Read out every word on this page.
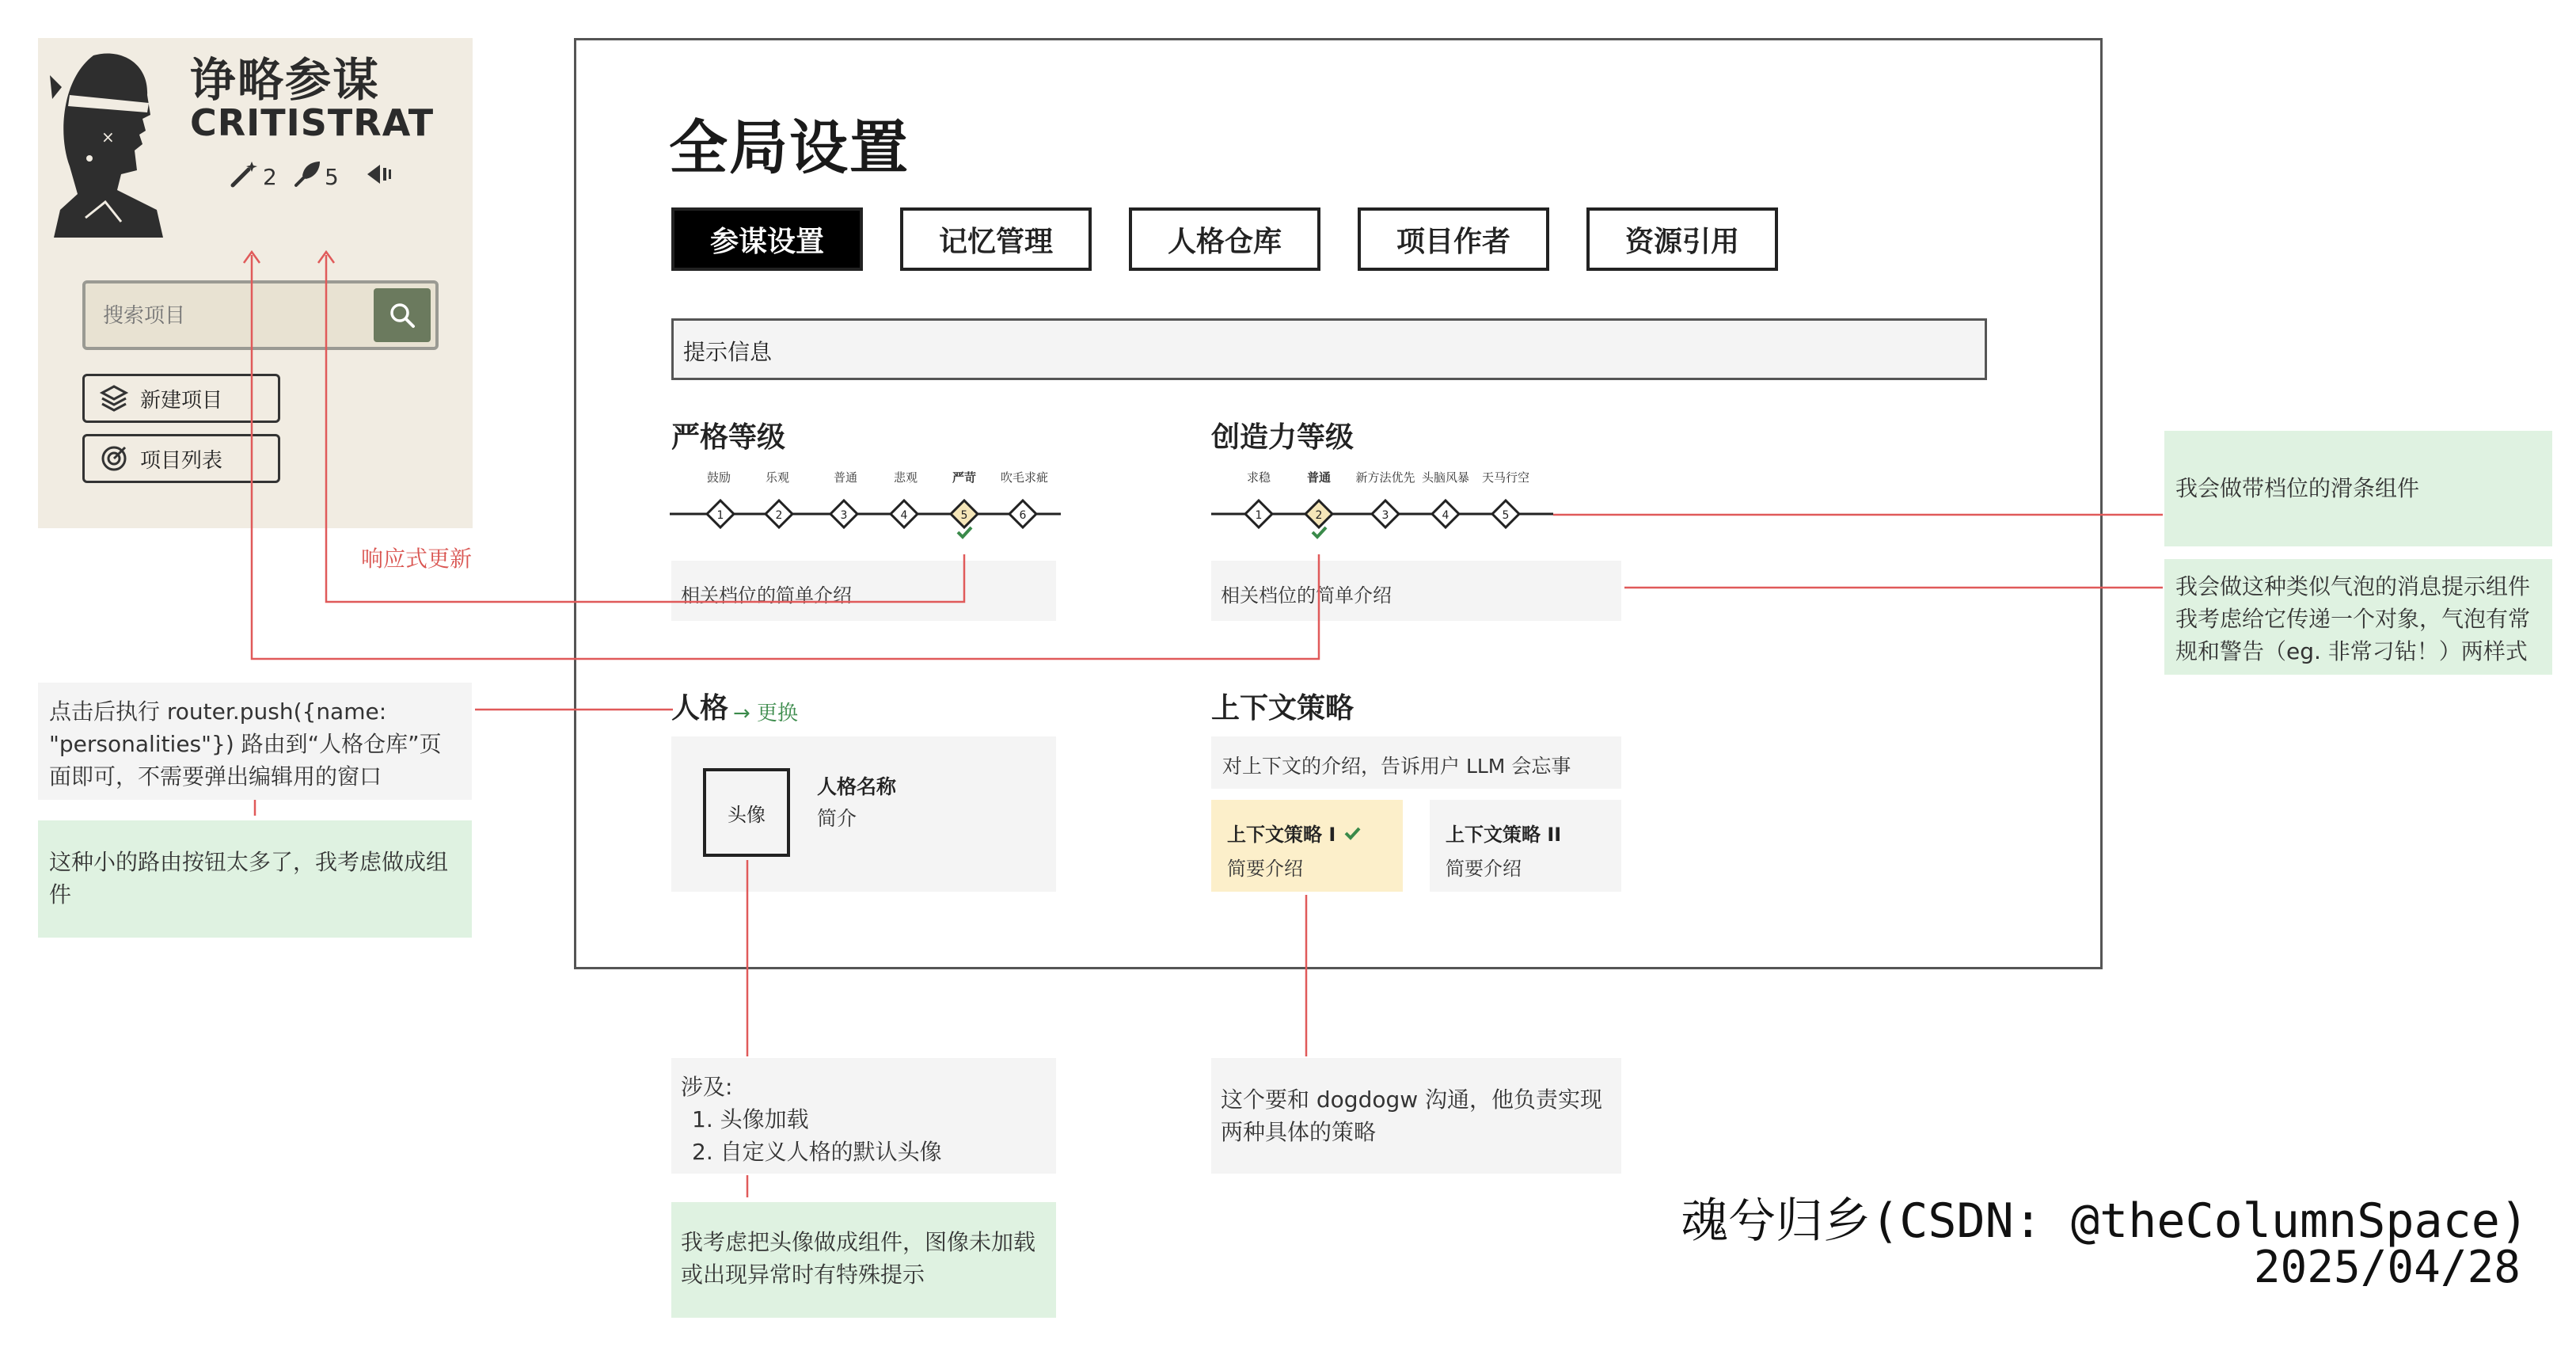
×
诤略参谋
CRITISTRAT
2 5
搜索项目
新建项目
项目列表
全局设置
参谋设置	记忆管理	人格仓库	项目作者	资源引用
提示信息
严格等级
鼓励	乐观	普通	悲观	严苛 吹毛求疵
1	2	3	4	5	6
相关档位的简单介绍
创造力等级
求稳	普通 新方法优先 头脑风暴 天马行空
1	2	3	4	5
相关档位的简单介绍
人格 → 更换
头像
人格名称
简介
上下文策略
对上下文的介绍，告诉用户 LLM 会忘事
上下文策略 I
简要介绍
上下文策略 II
简要介绍
响应式更新
点击后执行 router.push({name: "personalities"}) 路由到“人格仓库”页面即可，不需要弹出编辑用的窗口
这种小的路由按钮太多了，我考虑做成组件
我会做带档位的滑条组件
我会做这种类似气泡的消息提示组件 我考虑给它传递一个对象，气泡有常规和警告（eg. 非常刁钻！）两样式
涉及:
1. 头像加载
2. 自定义人格的默认头像
我考虑把头像做成组件，图像未加载或出现异常时有特殊提示
这个要和 dogdogw 沟通，他负责实现两种具体的策略
魂兮归乡(CSDN: @theColumnSpace)
2025/04/28
